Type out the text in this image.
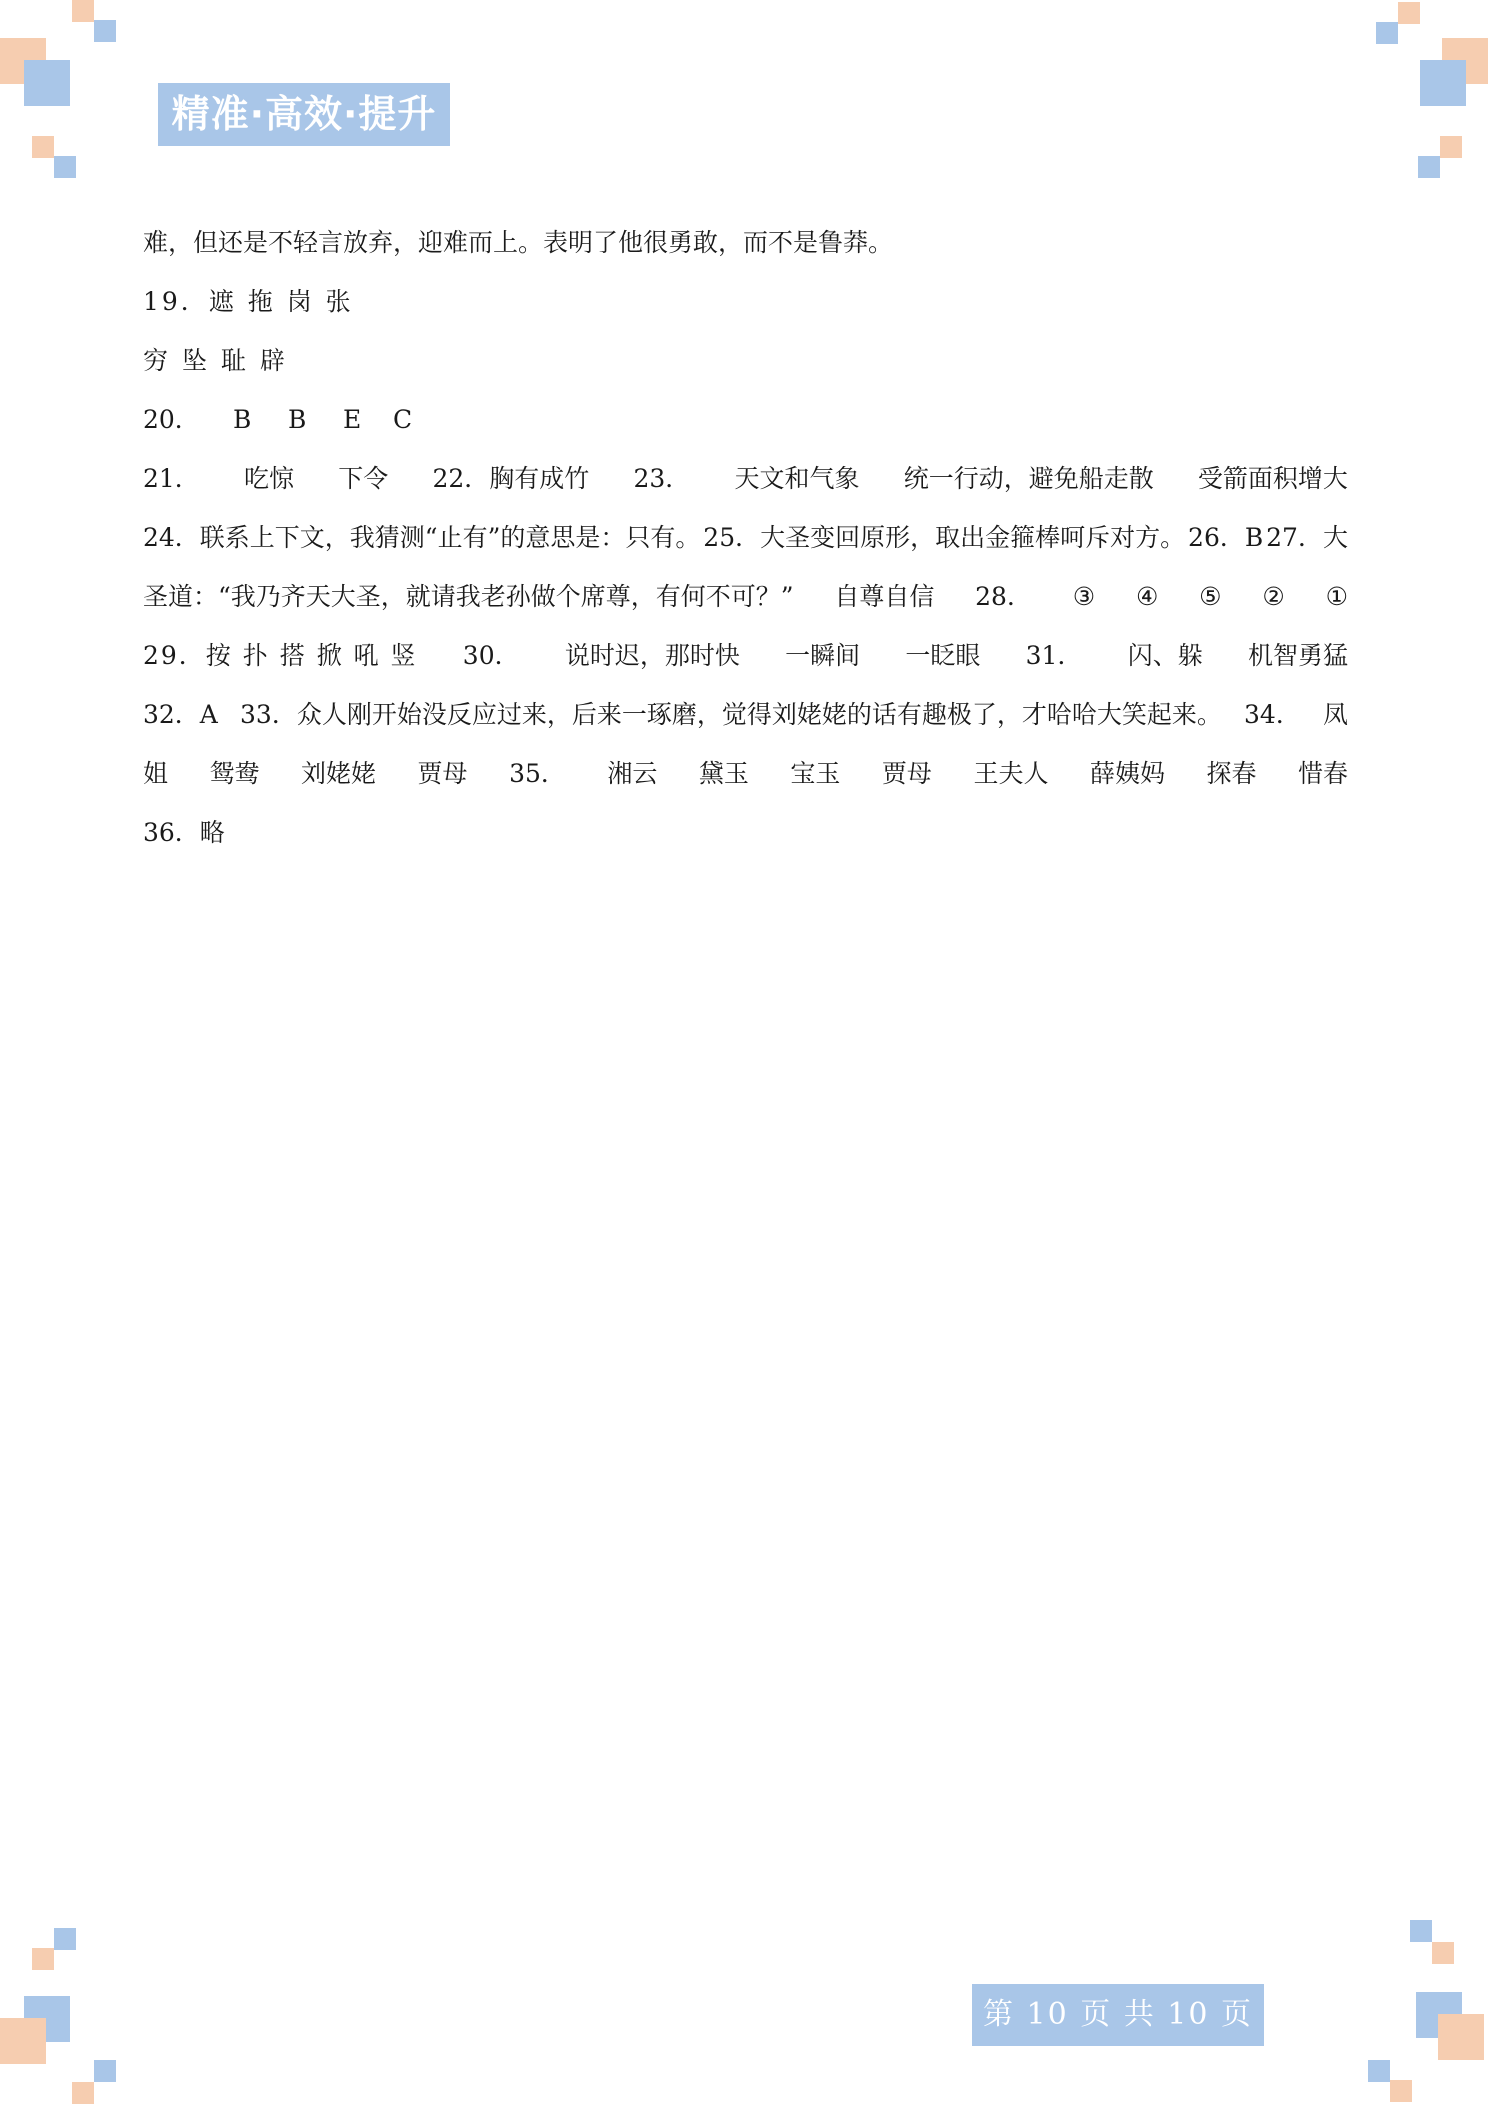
精准·高效·提升
难，但还是不轻言放弃，迎难而上。表明了他很勇敢，而不是鲁莽。
19．遮 拖 岗 张
穷 坠 耻 辟
20．	B	B	E	C
21． 吃惊 下令 22．胸有成竹 23． 天文和气象 统一行动，避免船走散 受箭面积增大
24．联系上下文，我猜测“止有”的意思是：只有。 25．大圣变回原形，取出金箍棒呵斥对方。 26．B 27．大
圣道：“我乃齐天大圣，就请我老孙做个席尊，有何不可？” 自尊自信 28． ③ ④ ⑤ ② ①
29．按 扑 搭 掀 吼 竖 30． 说时迟，那时快 一瞬间 一眨眼 31． 闪、躲 机智勇猛
32．A 33．众人刚开始没反应过来，后来一琢磨，觉得刘姥姥的话有趣极了，才哈哈大笑起来。 34． 凤
姐 鸳鸯 刘姥姥 贾母 35． 湘云 黛玉 宝玉 贾母 王夫人 薛姨妈 探春 惜春
36．略
第 10 页 共 10 页
